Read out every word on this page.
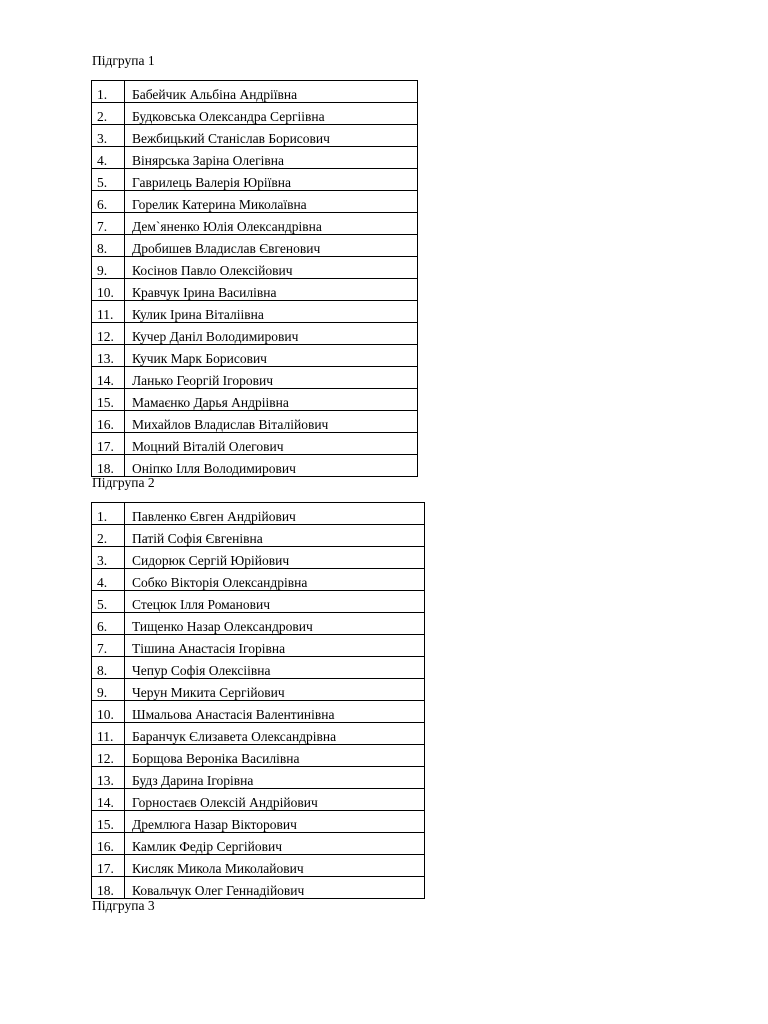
Підгрупа 1
1.	Бабейчик Альбіна Андріївна
2.	Будковська Олександра Сергіівна
3.	Вежбицький Станіслав Борисович
4.	Вінярська Зарiна Олегівна
5.	Гаврилець Валерія Юріївна
6.	Горелик Катерина Миколаївна
7.	Дем`яненко Юлія Олександрівна
8.	Дробишев Владислав Євгенович
9.	Косінов Павло Олексійович
10.	Кравчук Ірина Василівна
11.	Кулик Ірина Віталіівна
12.	Кучер Даніл Володимирович
13.	Кучик Марк Борисович
14.	Ланько Георгій Ігорович
15.	Мамаєнко Дарья Андріівна
16.	Михайлов Владислав Віталійович
17.	Моцний Віталій Олегович
18.	Оніпко Ілля Володимирович
Підгрупа 2
1.	Павленко Євген Андрійович
2.	Патій Софія Євгенівна
3.	Сидорюк Сергій Юрійович
4.	Собко Вікторія Олександрівна
5.	Стецюк Ілля Романович
6.	Тищенко Назар Олександрович
7.	Тішина Анастасія Ігорівна
8.	Чепур Софія Олексіівна
9.	Черун Микита Сергійович
10.	Шмальова Анастасія Валентинівна
11.	Баранчук Єлизавета Олександрівна
12.	Борщова Вероніка Василівна
13.	Будз Дарина Ігорівна
14.	Горностаєв Олексій Андрійович
15.	Дремлюга Назар Вікторович
16.	Камлик Федір Сергійович
17.	Кисляк Микола Миколайович
18.	Ковальчук Олег Геннадійович
Підгрупа 3
